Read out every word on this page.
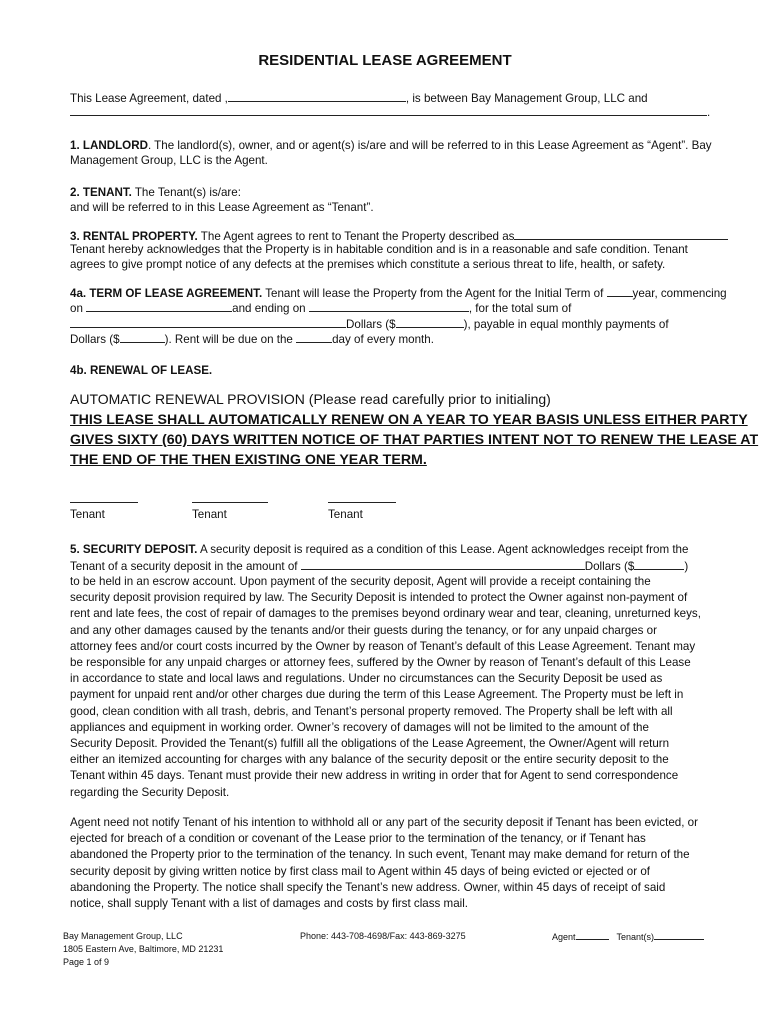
RESIDENTIAL LEASE AGREEMENT
This Lease Agreement, dated ,	, is between Bay Management Group, LLC and
.
1. LANDLORD. The landlord(s), owner, and or agent(s) is/are and will be referred to in this Lease Agreement as “Agent”. Bay
Management Group, LLC is the Agent.
2. TENANT. The Tenant(s) is/are:
and will be referred to in this Lease Agreement as “Tenant”.
3. RENTAL PROPERTY. The Agent agrees to rent to Tenant the Property described as
Tenant hereby acknowledges that the Property is in habitable condition and is in a reasonable and safe condition. Tenant
agrees to give prompt notice of any defects at the premises which constitute a serious threat to life, health, or safety.
4a. TERM OF LEASE AGREEMENT. Tenant will lease the Property from the Agent for the Initial Term of year, commencing
on	and ending on	, for the total sum of
Dollars ($	), payable in equal monthly payments of
Dollars ($	). Rent will be due on the	day of every month.
4b. RENEWAL OF LEASE.
AUTOMATIC RENEWAL PROVISION (Please read carefully prior to initialing)
THIS LEASE SHALL AUTOMATICALLY RENEW ON A YEAR TO YEAR BASIS UNLESS EITHER PARTY
GIVES SIXTY (60) DAYS WRITTEN NOTICE OF THAT PARTIES INTENT NOT TO RENEW THE LEASE AT
THE END OF THE THEN EXISTING ONE YEAR TERM.
Tenant	Tenant	Tenant
5. SECURITY DEPOSIT. A security deposit is required as a condition of this Lease. Agent acknowledges receipt from the
Tenant of a security deposit in the amount of	Dollars ($	)
to be held in an escrow account. Upon payment of the security deposit, Agent will provide a receipt containing the
security deposit provision required by law. The Security Deposit is intended to protect the Owner against non-payment of
rent and late fees, the cost of repair of damages to the premises beyond ordinary wear and tear, cleaning, unreturned keys,
and any other damages caused by the tenants and/or their guests during the tenancy, or for any unpaid charges or
attorney fees and/or court costs incurred by the Owner by reason of Tenant’s default of this Lease Agreement. Tenant may
be responsible for any unpaid charges or attorney fees, suffered by the Owner by reason of Tenant’s default of this Lease
in accordance to state and local laws and regulations. Under no circumstances can the Security Deposit be used as
payment for unpaid rent and/or other charges due during the term of this Lease Agreement. The Property must be left in
good, clean condition with all trash, debris, and Tenant’s personal property removed. The Property shall be left with all
appliances and equipment in working order. Owner’s recovery of damages will not be limited to the amount of the
Security Deposit. Provided the Tenant(s) fulfill all the obligations of the Lease Agreement, the Owner/Agent will return
either an itemized accounting for charges with any balance of the security deposit or the entire security deposit to the
Tenant within 45 days. Tenant must provide their new address in writing in order that for Agent to send correspondence
regarding the Security Deposit.
Agent need not notify Tenant of his intention to withhold all or any part of the security deposit if Tenant has been evicted, or
ejected for breach of a condition or covenant of the Lease prior to the termination of the tenancy, or if Tenant has
abandoned the Property prior to the termination of the tenancy. In such event, Tenant may make demand for return of the
security deposit by giving written notice by first class mail to Agent within 45 days of being evicted or ejected or of
abandoning the Property. The notice shall specify the Tenant’s new address. Owner, within 45 days of receipt of said
notice, shall supply Tenant with a list of damages and costs by first class mail.
Bay Management Group, LLC
1805 Eastern Ave, Baltimore, MD 21231
Page 1 of 9
Phone: 443-708-4698/Fax: 443-869-3275	Agent	Tenant(s)
